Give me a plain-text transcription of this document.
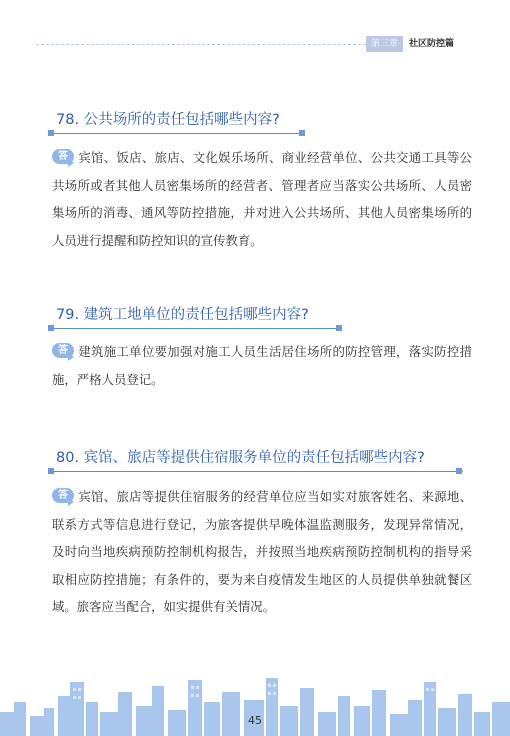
第三章	社区防控篇
78. 公共场所的责任包括哪些内容?
答 宾馆、饭店、旅店、文化娱乐场所、商业经营单位、公共交通工具等公共场所或者其他人员密集场所的经营者、管理者应当落实公共场所、人员密集场所的消毒、通风等防控措施，并对进入公共场所、其他人员密集场所的人员进行提醒和防控知识的宣传教育。
79. 建筑工地单位的责任包括哪些内容?
答 建筑施工单位要加强对施工人员生活居住场所的防控管理，落实防控措施，严格人员登记。
80. 宾馆、旅店等提供住宿服务单位的责任包括哪些内容?
答 宾馆、旅店等提供住宿服务的经营单位应当如实对旅客姓名、来源地、联系方式等信息进行登记，为旅客提供早晚体温监测服务，发现异常情况，及时向当地疾病预防控制机构报告，并按照当地疾病预防控制机构的指导采取相应防控措施；有条件的，要为来自疫情发生地区的人员提供单独就餐区域。旅客应当配合，如实提供有关情况。
45
